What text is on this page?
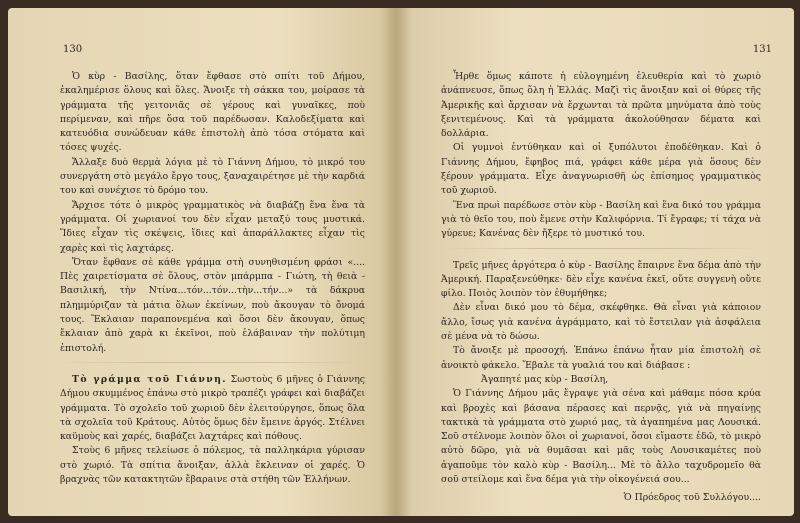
130

Ὁ κὺρ - Βασίλης, ὅταν ἔφθασε στὸ σπίτι τοῦ Δήμου, ἐκαλημέρισε ὅλους καὶ ὅλες. Ἄνοιξε τὴ σάκκα του, μοίρασε τὰ γράμματα τῆς γειτονιᾶς σὲ γέρους καὶ γυναῖκες, ποὺ περίμεναν, καὶ πῆρε ὅσα τοῦ παρέδωσαν. Καλοδεξίματα καὶ κατευόδια συνώδευαν κάθε ἐπιστολὴ ἀπὸ τόσα στόματα καὶ τόσες ψυχές.

Ἄλλαξε δυὸ θερμὰ λόγια μὲ τὸ Γιάννη Δήμου, τὸ μικρό του συνεργάτη στὸ μεγάλο ἔργο τους, ξαναχαιρέτησε μὲ τὴν καρδιά του καὶ συνέχισε τὸ δρόμο του.

Ἄρχισε τότε ὁ μικρὸς γραμματικὸς νὰ διαβάζῃ ἕνα ἕνα τὰ γράμματα. Οἱ χωριανοί του δὲν εἶχαν μεταξύ τους μυστικά. Ἴδιες εἶχαν τὶς σκέψεις, ἴδιες καὶ ἀπαράλλακτες εἶχαν τὶς χαρὲς καὶ τὶς λαχτάρες.

Ὅταν ἔφθανε σὲ κάθε γράμμα στὴ συνηθισμένη φράσι «.... Πὲς χαιρετίσματα σὲ ὅλους, στὸν μπάρμπα - Γιώτη, τὴ θειὰ - Βασιλική, τὴν Ντίνα...τόν...τόν...τὴν...τήν...» τὰ δάκρυα πλημμύριζαν τὰ μάτια ὅλων ἐκείνων, ποὺ ἄκουγαν τὸ ὄνομά τους. Ἔκλαιαν παραπονεμένα καὶ ὅσοι δὲν ἄκουγαν, ὅπως ἔκλαιαν ἀπὸ χαρὰ κι ἐκεῖνοι, ποὺ ἐλάβαιναν τὴν πολύτιμη ἐπιστολή.

Τὸ γράμμα τοῦ Γιάννη. Σωστοὺς 6 μῆνες ὁ Γιάννης Δήμου σκυμμένος ἐπάνω στὸ μικρὸ τραπέζι γράφει καὶ διαβάζει γράμματα. Τὸ σχολεῖο τοῦ χωριοῦ δὲν ἐλειτούργησε, ὅπως ὅλα τὰ σχολεῖα τοῦ Κράτους. Αὐτὸς ὅμως δὲν ἔμεινε ἀργός. Στέλνει καϋμοὺς καὶ χαρές, διαβάζει λαχτάρες καὶ πόθους.

Στοὺς 6 μῆνες τελείωσε ὁ πόλεμος, τὰ παλληκάρια γύρισαν στὸ χωριό. Τὰ σπίτια ἄνοιξαν, ἀλλὰ ἔκλειναν οἱ χαρές. Ὁ βραχνὰς τῶν κατακτητῶν ἔβαρaινε στὰ στήθη τῶν Ἑλλήνων.

131

Ἦρθε ὅμως κάποτε ἡ εὐλογημένη ἐλευθερία καὶ τὸ χωριὸ ἀνάπνευσε, ὅπως ὅλη ἡ Ἑλλάς. Μαζὶ τὶς ἄνοιξαν καὶ οἱ θύρες τῆς Ἀμερικῆς καὶ ἄρχισαν νὰ ἔρχωνται τὰ πρῶτα μηνύματα ἀπὸ τοὺς ξενιτεμένους. Καὶ τὰ γράμματα ἀκολούθησαν δέματα καὶ δολλάρια.

Οἱ γυμνοὶ ἐντύθηκαν καὶ οἱ ξυπόλυτοι ἐποδέθηκαν. Καὶ ὁ Γιάννης Δήμου, ἔφηβος πιά, γράφει κάθε μέρα γιὰ ὅσους δὲν ξέρουν γράμματα. Εἶχε ἀναγνωρισθῆ ὡς ἐπίσημος γραμματικὸς τοῦ χωριοῦ.

Ἕνα πρωὶ παρέδωσε στὸν κὺρ - Βασίλη καὶ ἕνα δικό του γράμμα γιὰ τὸ θεῖο του, ποὺ ἔμενε στὴν Καλιφόρνια. Τί ἔγραφε; τί τάχα νὰ γύρευε; Κανένας δὲν ἤξερε τὸ μυστικό του.

Τρεῖς μῆνες ἀργότερα ὁ κὺρ - Βασίλης ἔπαιρνε ἕνα δέμα ἀπὸ τὴν Ἀμερική. Παραξενεύθηκε· δὲν εἶχε κανένα ἐκεῖ, οὔτε συγγενὴ οὔτε φίλο. Ποιὸς λοιπὸν τὸν ἐθυμήθηκε;

Δὲν εἶναι δικό μου τὸ δέμα, σκέφθηκε. Θὰ εἶναι γιὰ κάποιον ἄλλο, ἴσως γιὰ κανένα ἀγράμματο, καὶ τὸ ἔστειλαν γιὰ ἀσφάλεια σὲ μένα νὰ τὸ δώσω.

Τὸ ἄνοιξε μὲ προσοχή. Ἐπάνω ἐπάνω ἦταν μία ἐπιστολὴ σὲ ἀνοικτὸ φάκελο. Ἔβαλε τὰ γυαλιά του καὶ διάβασε :

Ἀγαπητέ μας κὺρ - Βασίλη,

Ὁ Γιάννης Δήμου μᾶς ἔγραψε γιὰ σένα καὶ μάθαμε πόσα κρύα καὶ βροχὲς καὶ βάσανα πέρασες καὶ περνᾷς, γιὰ νὰ πηγαίνῃς τακτικὰ τὰ γράμματα στὸ χωριό μας, τὰ ἀγαπημένα μας Λουσικά. Σοῦ στέλνομε λοιπὸν ὅλοι οἱ χωριανοί, ὅσοι εἴμαστε ἐδῶ, τὸ μικρὸ αὐτὸ δῶρο, γιὰ νὰ θυμᾶσαι καὶ μᾶς τοὺς Λουσικαμέτες ποὺ ἀγαποῦμε τὸν καλὸ κὺρ - Βασίλη... Μὲ τὸ ἄλλο ταχυδρομεῖο θὰ σοῦ στείλομε καὶ ἕνα δέμα γιὰ τὴν οἰκογένειά σου...

Ὁ Πρόεδρος τοῦ Συλλόγου....
